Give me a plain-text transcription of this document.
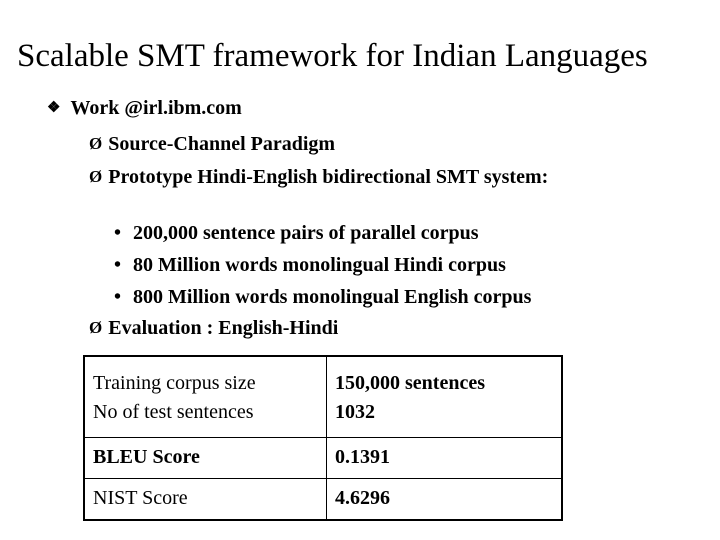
Scalable SMT framework for Indian Languages
❖ Work @irl.ibm.com
Ø Source-Channel Paradigm
Ø Prototype Hindi-English bidirectional SMT system:
• 200,000 sentence pairs of parallel corpus
• 80 Million words monolingual Hindi corpus
• 800 Million words monolingual English corpus
Ø Evaluation : English-Hindi
Training corpus size	150,000 sentences
No of test sentences	1032
BLEU Score	0.1391
NIST Score	4.6296
